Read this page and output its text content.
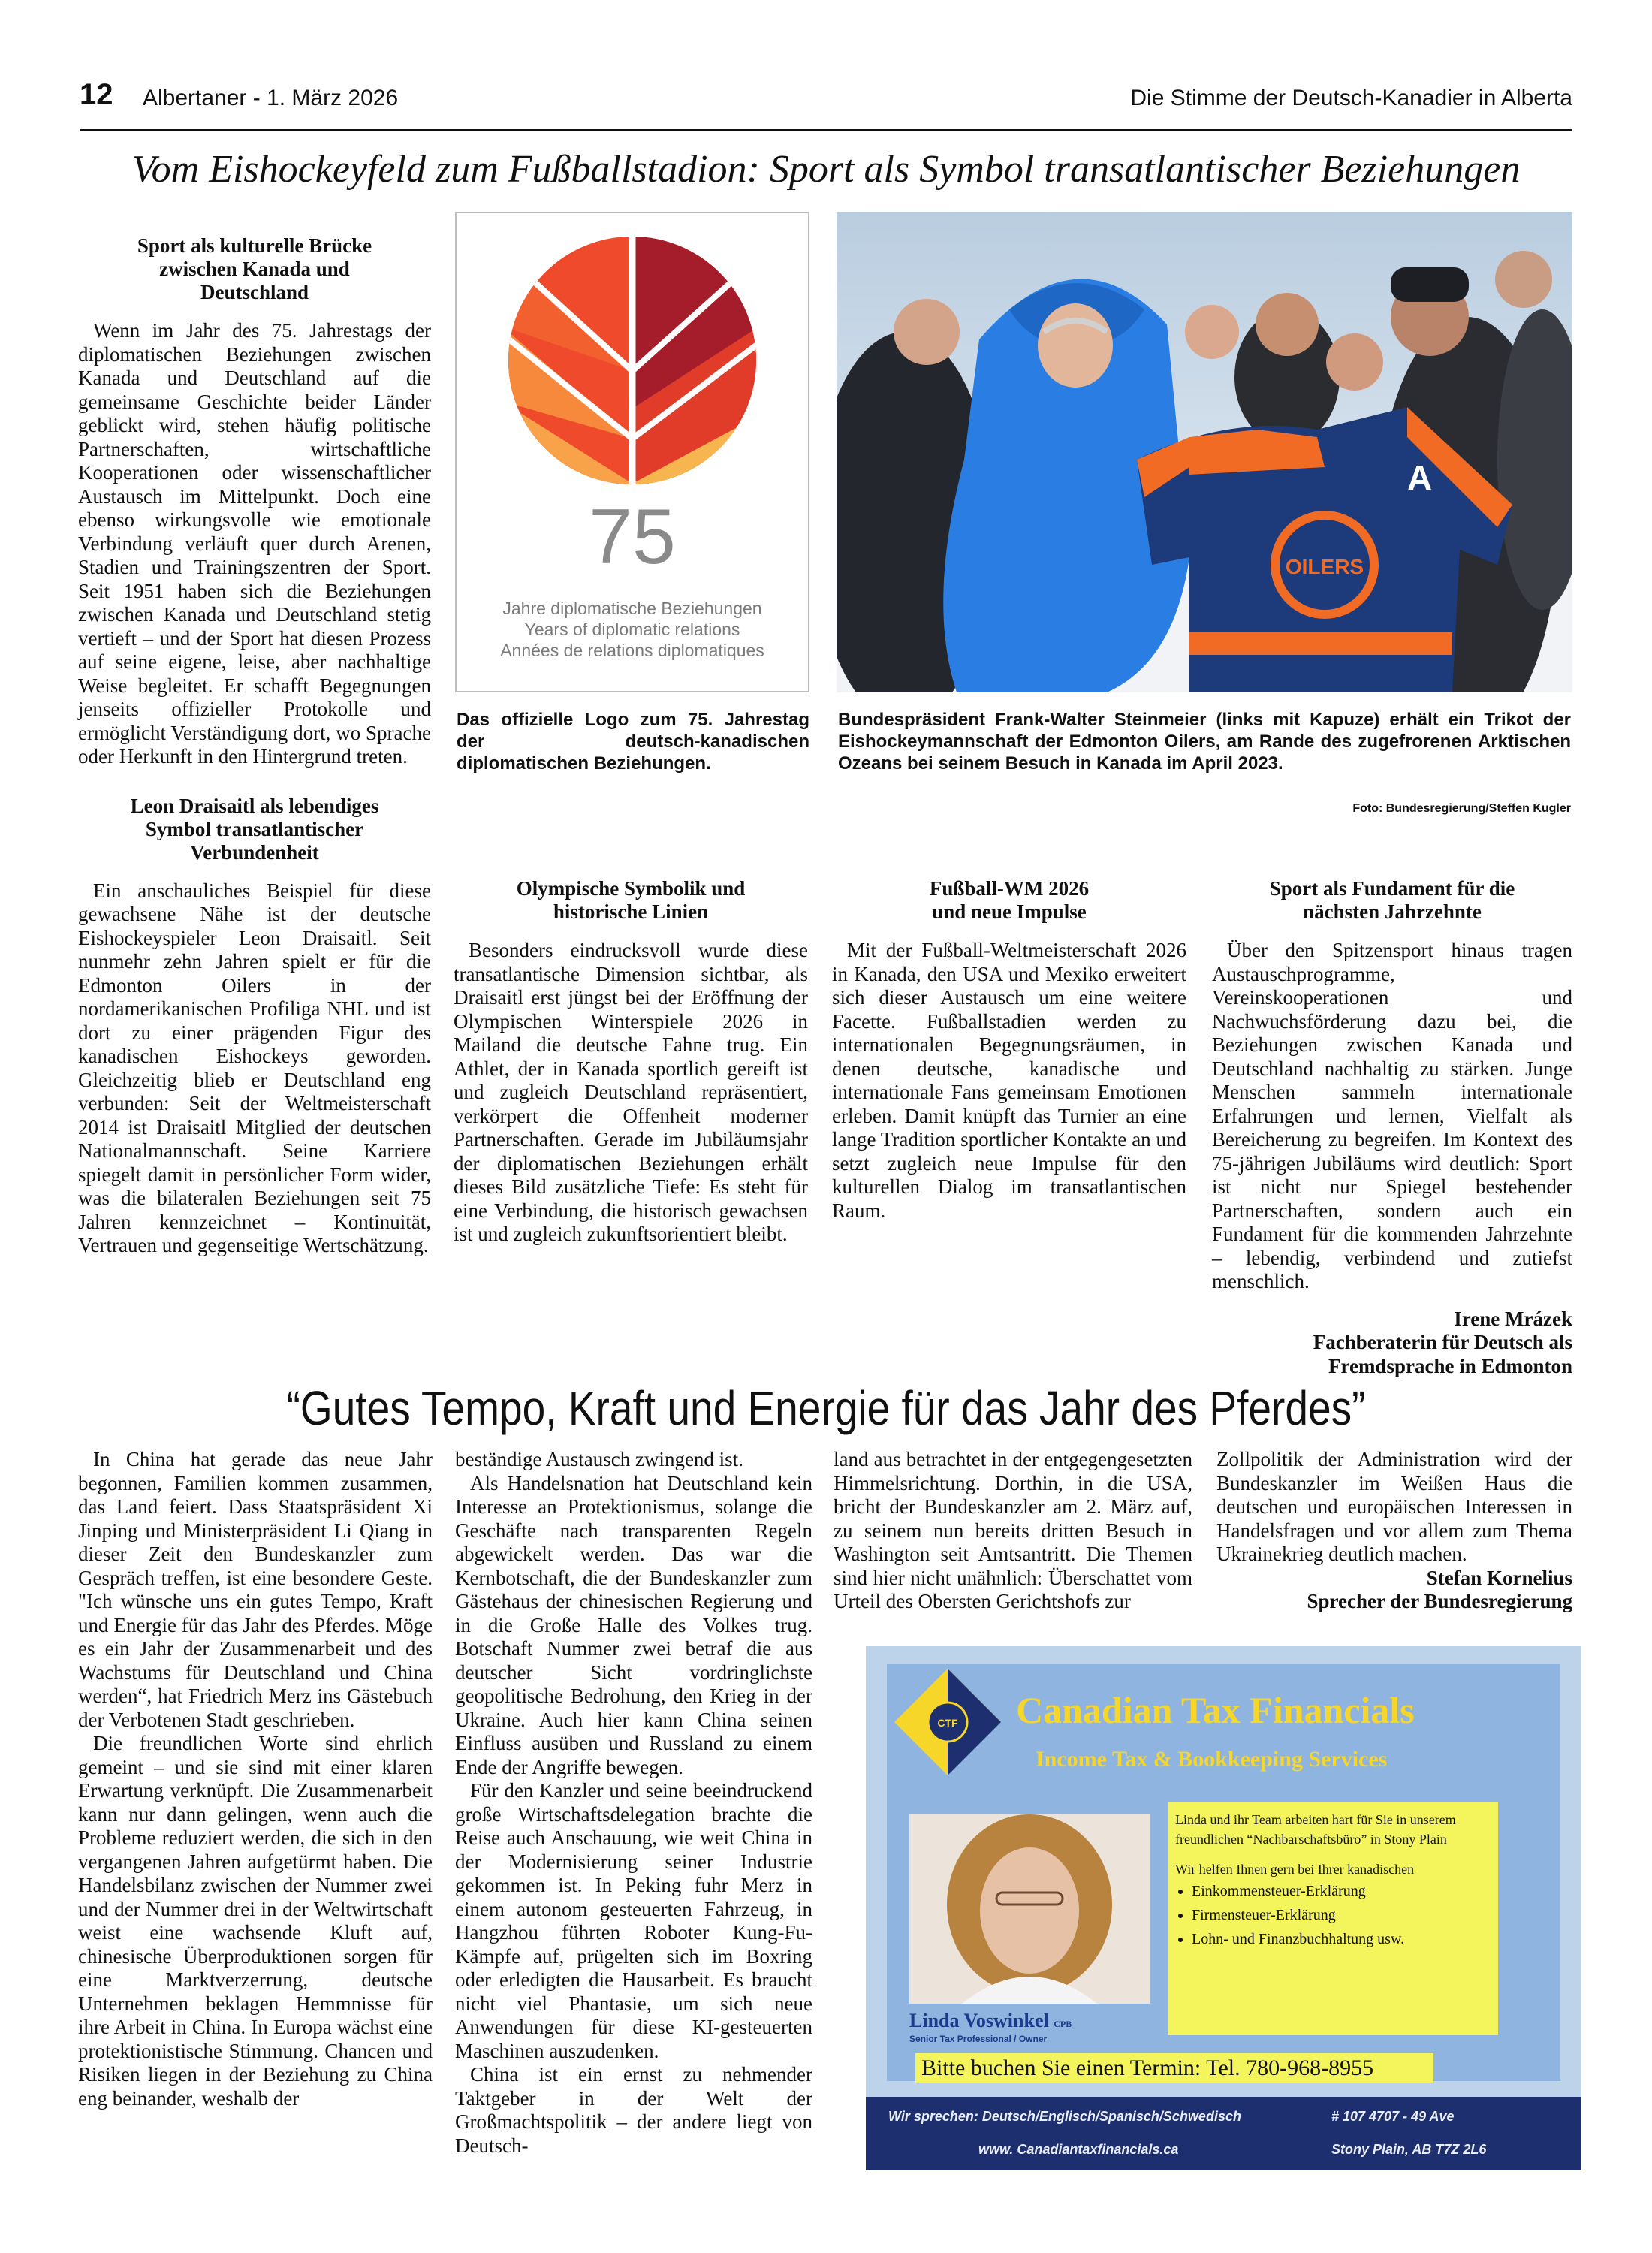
12 Albertaner - 1. März 2026	Die Stimme der Deutsch-Kanadier in Alberta
Vom Eishockeyfeld zum Fußballstadion: Sport als Symbol transatlantischer Beziehungen
Sport als kulturelle Brücke zwischen Kanada und Deutschland

Wenn im Jahr des 75. Jahrestags der diplomatischen Beziehungen zwischen Kanada und Deutschland auf die gemeinsame Geschichte beider Länder geblickt wird, stehen häufig politische Partnerschaften, wirtschaftliche Kooperationen oder wissenschaftlicher Austausch im Mittelpunkt. Doch eine ebenso wirkungsvolle wie emotionale Verbindung verläuft quer durch Arenen, Stadien und Trainingszentren der Sport. Seit 1951 haben sich die Beziehungen zwischen Kanada und Deutschland stetig vertieft – und der Sport hat diesen Prozess auf seine eigene, leise, aber nachhaltige Weise begleitet. Er schafft Begegnungen jenseits offizieller Protokolle und ermöglicht Verständigung dort, wo Sprache oder Herkunft in den Hintergrund treten.

Leon Draisaitl als lebendiges Symbol transatlantischer Verbundenheit

Ein anschauliches Beispiel für diese gewachsene Nähe ist der deutsche Eishockeyspieler Leon Draisaitl. Seit nunmehr zehn Jahren spielt er für die Edmonton Oilers in der nordamerikanischen Profiliga NHL und ist dort zu einer prägenden Figur des kanadischen Eishockeys geworden. Gleichzeitig blieb er Deutschland eng verbunden: Seit der Weltmeisterschaft 2014 ist Draisaitl Mitglied der deutschen Nationalmannschaft. Seine Karriere spiegelt damit in persönlicher Form wider, was die bilateralen Beziehungen seit 75 Jahren kennzeichnet – Kontinuität, Vertrauen und gegenseitige Wertschätzung.

75
Jahre diplomatische Beziehungen
Years of diplomatic relations
Années de relations diplomatiques
Das offizielle Logo zum 75. Jahrestag der deutsch-kanadischen diplomatischen Beziehungen.
OILERS
A
Bundespräsident Frank-Walter Steinmeier (links mit Kapuze) erhält ein Trikot der Eishockeymannschaft der Edmonton Oilers, am Rande des zugefrorenen Arktischen Ozeans bei seinem Besuch in Kanada im April 2023.
Foto: Bundesregierung/Steffen Kugler
Olympische Symbolik und historische Linien

Besonders eindrucksvoll wurde diese transatlantische Dimension sichtbar, als Draisaitl erst jüngst bei der Eröffnung der Olympischen Winterspiele 2026 in Mailand die deutsche Fahne trug. Ein Athlet, der in Kanada sportlich gereift ist und zugleich Deutschland repräsentiert, verkörpert die Offenheit moderner Partnerschaften. Gerade im Jubiläumsjahr der diplomatischen Beziehungen erhält dieses Bild zusätzliche Tiefe: Es steht für eine Verbindung, die historisch gewachsen ist und zugleich zukunftsorientiert bleibt.

Fußball-WM 2026 und neue Impulse

Mit der Fußball-Weltmeisterschaft 2026 in Kanada, den USA und Mexiko erweitert sich dieser Austausch um eine weitere Facette. Fußballstadien werden zu internationalen Begegnungsräumen, in denen deutsche, kanadische und internationale Fans gemeinsam Emotionen erleben. Damit knüpft das Turnier an eine lange Tradition sportlicher Kontakte an und setzt zugleich neue Impulse für den kulturellen Dialog im transatlantischen Raum.

Sport als Fundament für die nächsten Jahrzehnte

Über den Spitzensport hinaus tragen Austauschprogramme, Vereinskooperationen und Nachwuchsförderung dazu bei, die Beziehungen zwischen Kanada und Deutschland nachhaltig zu stärken. Junge Menschen sammeln internationale Erfahrungen und lernen, Vielfalt als Bereicherung zu begreifen. Im Kontext des 75-jährigen Jubiläums wird deutlich: Sport ist nicht nur Spiegel bestehender Partnerschaften, sondern auch ein Fundament für die kommenden Jahrzehnte – lebendig, verbindend und zutiefst menschlich.

Irene Mrázek
Fachberaterin für Deutsch als
Fremdsprache in Edmonton
“Gutes Tempo, Kraft und Energie für das Jahr des Pferdes”

In China hat gerade das neue Jahr begonnen, Familien kommen zusammen, das Land feiert. Dass Staatspräsident Xi Jinping und Ministerpräsident Li Qiang in dieser Zeit den Bundeskanzler zum Gespräch treffen, ist eine besondere Geste. "Ich wünsche uns ein gutes Tempo, Kraft und Energie für das Jahr des Pferdes. Möge es ein Jahr der Zusammenarbeit und des Wachstums für Deutschland und China werden“, hat Friedrich Merz ins Gästebuch der Verbotenen Stadt geschrieben.

Die freundlichen Worte sind ehrlich gemeint – und sie sind mit einer klaren Erwartung verknüpft. Die Zusammenarbeit kann nur dann gelingen, wenn auch die Probleme reduziert werden, die sich in den vergangenen Jahren aufgetürmt haben. Die Handelsbilanz zwischen der Nummer zwei und der Nummer drei in der Weltwirtschaft weist eine wachsende Kluft auf, chinesische Überproduktionen sorgen für eine Marktverzerrung, deutsche Unternehmen beklagen Hemmnisse für ihre Arbeit in China. In Europa wächst eine protektionistische Stimmung. Chancen und Risiken liegen in der Beziehung zu China eng beinander, weshalb der

beständige Austausch zwingend ist.

Als Handelsnation hat Deutschland kein Interesse an Protektionismus, solange die Geschäfte nach transparenten Regeln abgewickelt werden. Das war die Kernbotschaft, die der Bundeskanzler zum Gästehaus der chinesischen Regierung und in die Große Halle des Volkes trug. Botschaft Nummer zwei betraf die aus deutscher Sicht vordringlichste geopolitische Bedrohung, den Krieg in der Ukraine. Auch hier kann China seinen Einfluss ausüben und Russland zu einem Ende der Angriffe bewegen.

Für den Kanzler und seine beeindruckend große Wirtschaftsdelegation brachte die Reise auch Anschauung, wie weit China in der Modernisierung seiner Industrie gekommen ist. In Peking fuhr Merz in einem autonom gesteuerten Fahrzeug, in Hangzhou führten Roboter Kung-Fu-Kämpfe auf, prügelten sich im Boxring oder erledigten die Hausarbeit. Es braucht nicht viel Phantasie, um sich neue Anwendungen für diese KI-gesteuerten Maschinen auszudenken.

China ist ein ernst zu nehmender Taktgeber in der Welt der Großmachtspolitik – der andere liegt von Deutsch-

land aus betrachtet in der entgegengesetzten Himmelsrichtung. Dorthin, in die USA, bricht der Bundeskanzler am 2. März auf, zu seinem nun bereits dritten Besuch in Washington seit Amtsantritt. Die Themen sind hier nicht unähnlich: Überschattet vom Urteil des Obersten Gerichtshofs zur

Zollpolitik der Administration wird der Bundeskanzler im Weißen Haus die deutschen und europäischen Interessen in Handelsfragen und vor allem zum Thema Ukrainekrieg deutlich machen.

Stefan Kornelius
Sprecher der Bundesregierung
CTF Canadian Tax Financials
Income Tax & Bookkeeping Services
Linda und ihr Team arbeiten hart für Sie in unserem freundlichen “Nachbarschaftsbüro” in Stony Plain
Wir helfen Ihnen gern bei Ihrer kanadischen
• Einkommensteuer-Erklärung
• Firmensteuer-Erklärung
• Lohn- und Finanzbuchhaltung usw.
Linda Voswinkel CPB
Senior Tax Professional / Owner
Bitte buchen Sie einen Termin: Tel. 780-968-8955
Wir sprechen: Deutsch/Englisch/Spanisch/Schwedisch	# 107 4707 - 49 Ave
www. Canadiantaxfinancials.ca	Stony Plain, AB T7Z 2L6
